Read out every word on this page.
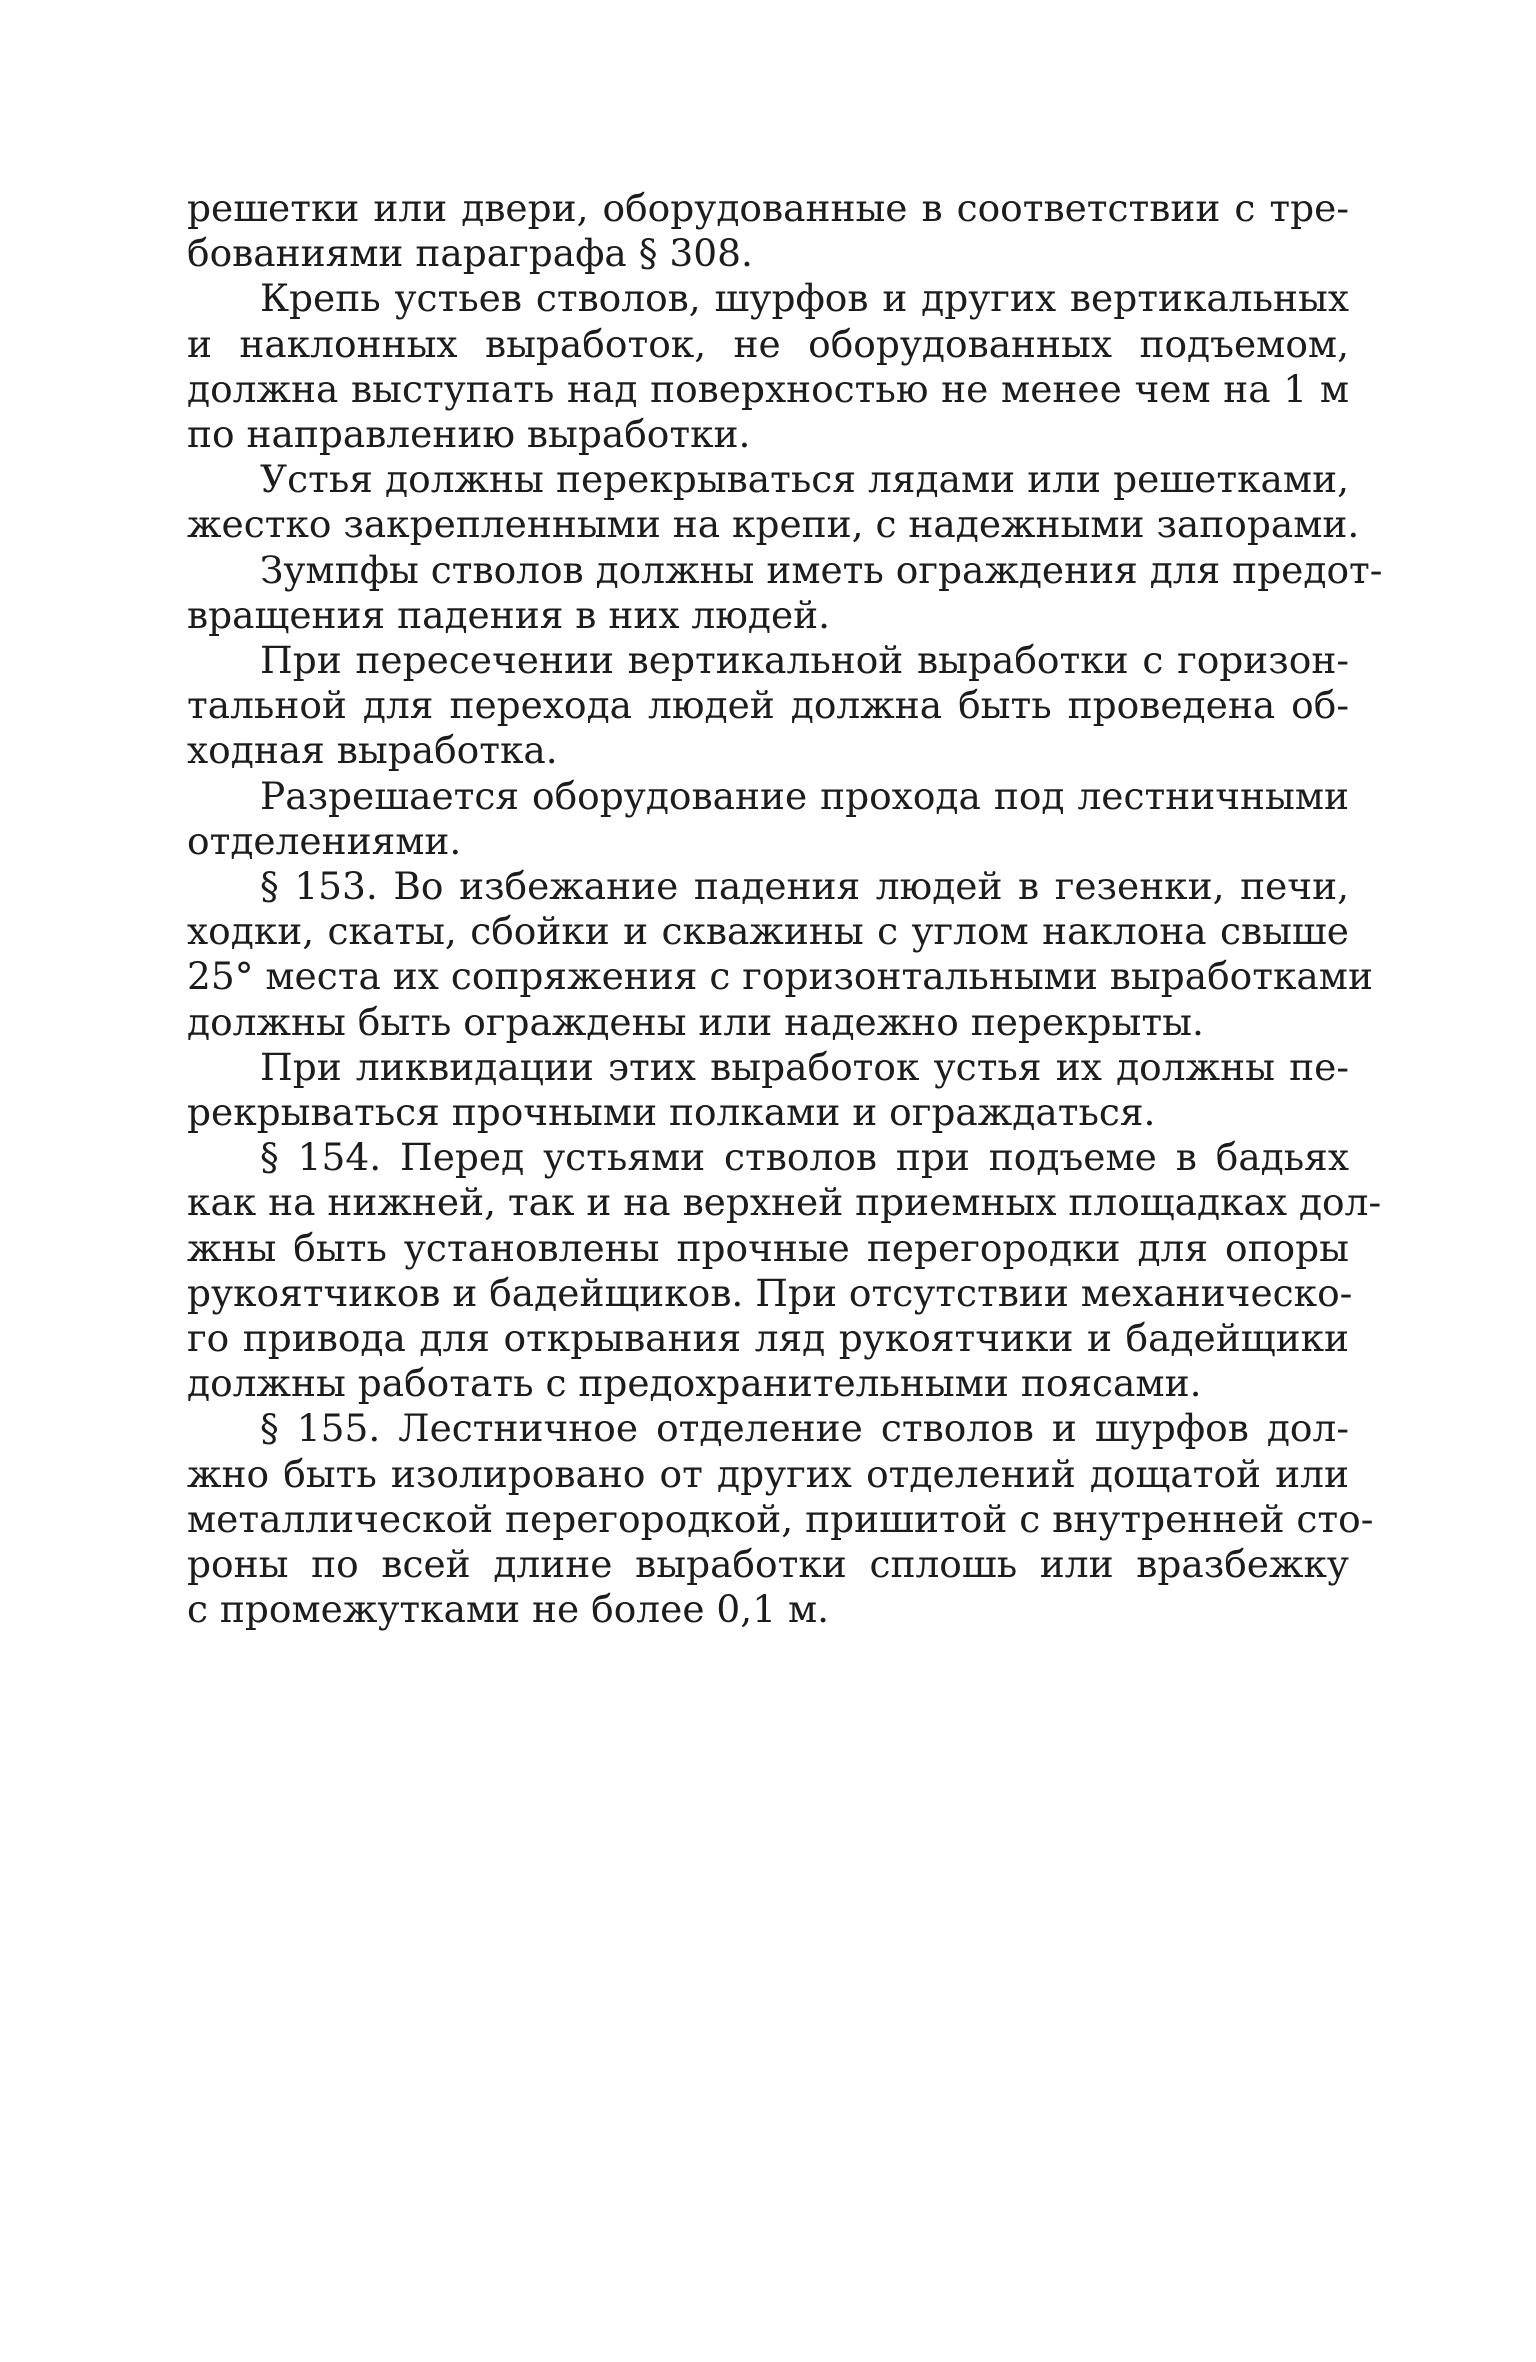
решетки или двери, оборудованные в соответствии с тре-
бованиями параграфа § 308.

Крепь устьев стволов, шурфов и других вертикальных
и наклонных выработок, не оборудованных подъемом,
должна выступать над поверхностью не менее чем на 1 м
по направлению выработки.

Устья должны перекрываться лядами или решетками,
жестко закрепленными на крепи, с надежными запорами.

Зумпфы стволов должны иметь ограждения для предот-
вращения падения в них людей.

При пересечении вертикальной выработки с горизон-
тальной для перехода людей должна быть проведена об-
ходная выработка.

Разрешается оборудование прохода под лестничными
отделениями.

§ 153. Во избежание падения людей в гезенки, печи,
ходки, скаты, сбойки и скважины с углом наклона свыше
25° места их сопряжения с горизонтальными выработками
должны быть ограждены или надежно перекрыты.

При ликвидации этих выработок устья их должны пе-
рекрываться прочными полками и ограждаться.

§ 154. Перед устьями стволов при подъеме в бадьях
как на нижней, так и на верхней приемных площадках дол-
жны быть установлены прочные перегородки для опоры
рукоятчиков и бадейщиков. При отсутствии механическо-
го привода для открывания ляд рукоятчики и бадейщики
должны работать с предохранительными поясами.

§ 155. Лестничное отделение стволов и шурфов дол-
жно быть изолировано от других отделений дощатой или
металлической перегородкой, пришитой с внутренней сто-
роны по всей длине выработки сплошь или вразбежку
с промежутками не более 0,1 м.
